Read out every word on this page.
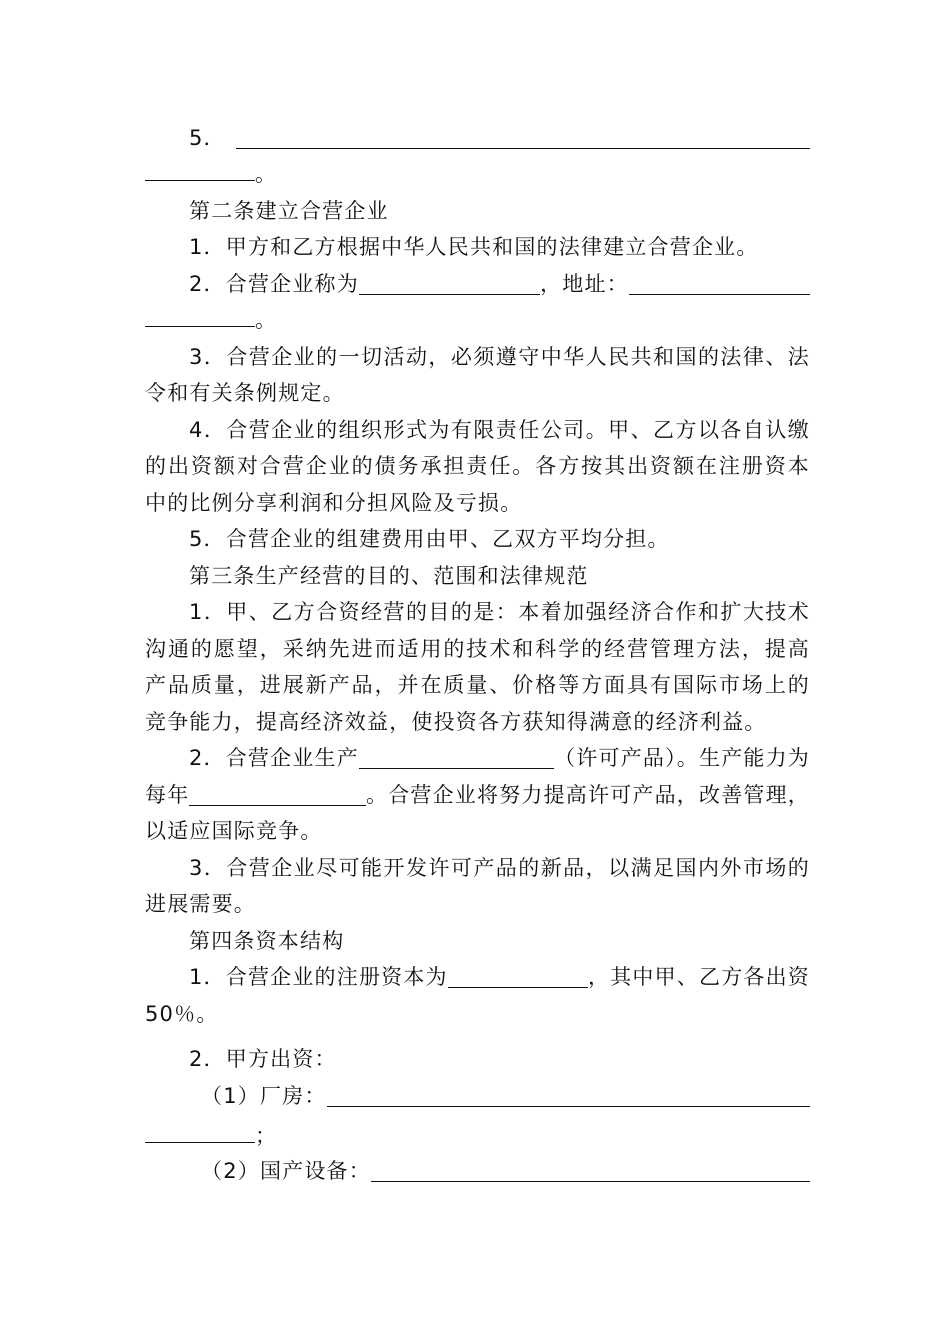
5．
。
第二条建立合营企业
1．甲方和乙方根据中华人民共和国的法律建立合营企业。
2．合营企业称为	，地址：
。
3．合营企业的一切活动，必须遵守中华人民共和国的法律、法
令和有关条例规定。
4．合营企业的组织形式为有限责任公司。甲、乙方以各自认缴
的出资额对合营企业的债务承担责任。各方按其出资额在注册资本
中的比例分享利润和分担风险及亏损。
5．合营企业的组建费用由甲、乙双方平均分担。
第三条生产经营的目的、范围和法律规范
1．甲、乙方合资经营的目的是：本着加强经济合作和扩大技术
沟通的愿望，采纳先进而适用的技术和科学的经营管理方法，提高
产品质量，进展新产品，并在质量、价格等方面具有国际市场上的
竞争能力，提高经济效益，使投资各方获知得满意的经济利益。
2．合营企业生产	（许可产品）。生产能力为
每年	。合营企业将努力提高许可产品，改善管理，
以适应国际竞争。
3．合营企业尽可能开发许可产品的新品，以满足国内外市场的
进展需要。
第四条资本结构
1．合营企业的注册资本为	，其中甲、乙方各出资
50％。
2．甲方出资：
（1）厂房：
；
（2）国产设备：
